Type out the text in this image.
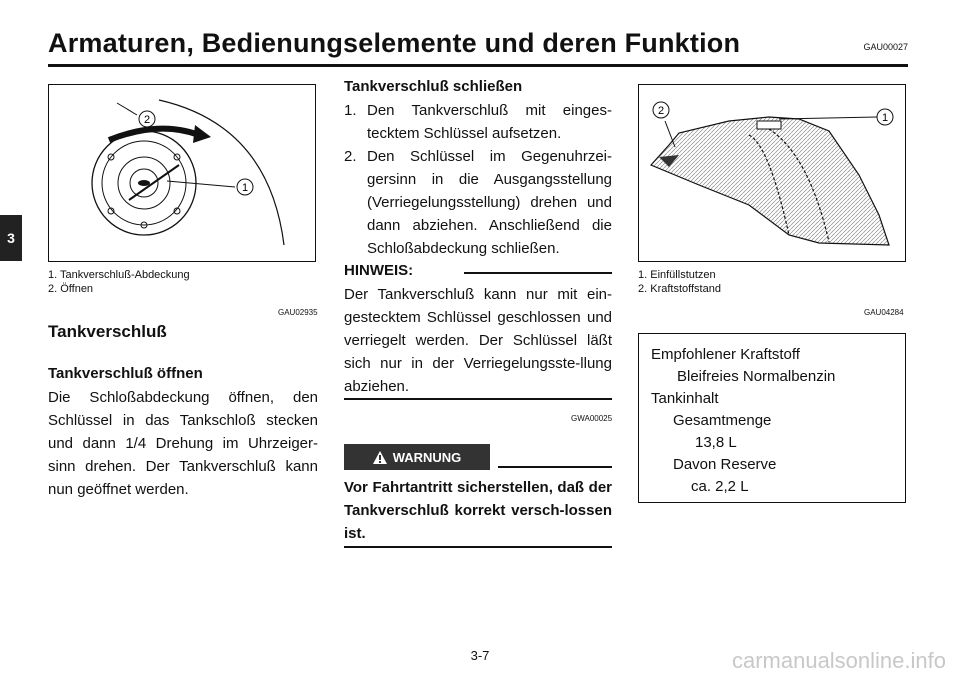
Armaturen, Bedienungselemente und deren Funktion	GAU00027
3
2
1
1. Tankverschluß-Abdeckung
2. Öffnen
GAU02935
Tankverschluß
Tankverschluß öffnen
Die Schloßabdeckung öffnen, den Schlüssel in das Tankschloß stecken und dann 1/4 Drehung im Uhrzeiger-sinn drehen. Der Tankverschluß kann nun geöffnet werden.
Tankverschluß schließen
1. Den Tankverschluß mit einges-tecktem Schlüssel aufsetzen.
2. Den Schlüssel im Gegenuhrzei-gersinn in die Ausgangsstellung (Verriegelungsstellung) drehen und dann abziehen. Anschließend die Schloßabdeckung schließen.
HINWEIS:
Der Tankverschluß kann nur mit ein-gestecktem Schlüssel geschlossen und verriegelt werden. Der Schlüssel läßt sich nur in der Verriegelungsste-llung abziehen.
GWA00025
WARNUNG
Vor Fahrtantritt sicherstellen, daß der Tankverschluß korrekt versch-lossen ist.
2
1
1. Einfüllstutzen
2. Kraftstoffstand
GAU04284
Empfohlener Kraftstoff
Bleifreies Normalbenzin
Tankinhalt
Gesamtmenge
13,8 L
Davon Reserve
ca. 2,2 L
3-7	carmanualsonline.info
